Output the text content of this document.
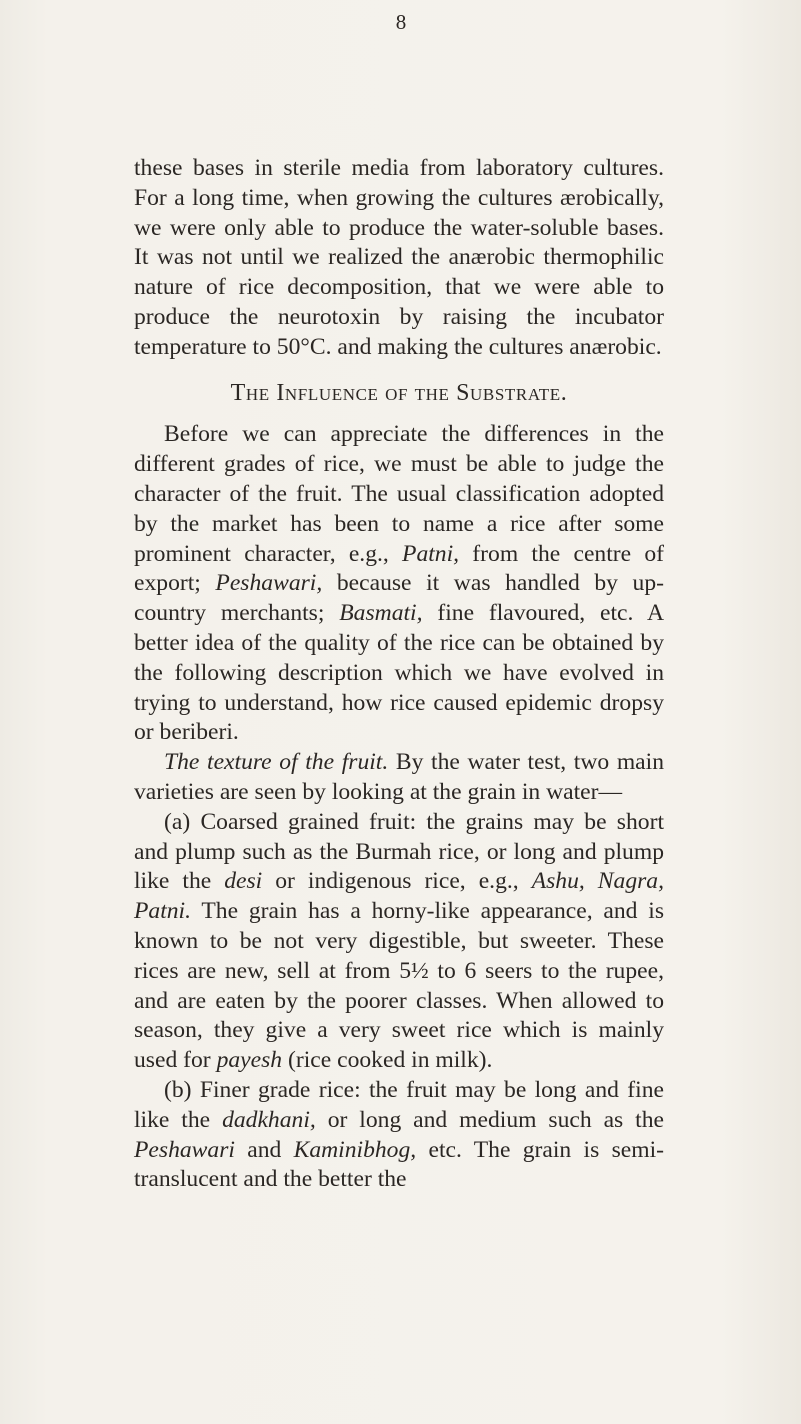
8

these bases in sterile media from laboratory cultures. For a long time, when growing the cultures ærobically, we were only able to produce the water-soluble bases. It was not until we realized the anærobic thermophilic nature of rice decomposition, that we were able to produce the neurotoxin by raising the incubator temperature to 50°C. and making the cultures anærobic.

The Influence of the Substrate.

Before we can appreciate the differences in the different grades of rice, we must be able to judge the character of the fruit. The usual classification adopted by the market has been to name a rice after some prominent character, e.g., Patni, from the centre of export; Peshawari, because it was handled by up-country merchants; Basmati, fine flavoured, etc. A better idea of the quality of the rice can be obtained by the following description which we have evolved in trying to understand, how rice caused epidemic dropsy or beriberi.

The texture of the fruit. By the water test, two main varieties are seen by looking at the grain in water—

(a) Coarsed grained fruit: the grains may be short and plump such as the Burmah rice, or long and plump like the desi or indigenous rice, e.g., Ashu, Nagra, Patni. The grain has a horny-like appearance, and is known to be not very digestible, but sweeter. These rices are new, sell at from 5½ to 6 seers to the rupee, and are eaten by the poorer classes. When allowed to season, they give a very sweet rice which is mainly used for payesh (rice cooked in milk).

(b) Finer grade rice: the fruit may be long and fine like the dadkhani, or long and medium such as the Peshawari and Kaminibhog, etc. The grain is semi-translucent and the better the
